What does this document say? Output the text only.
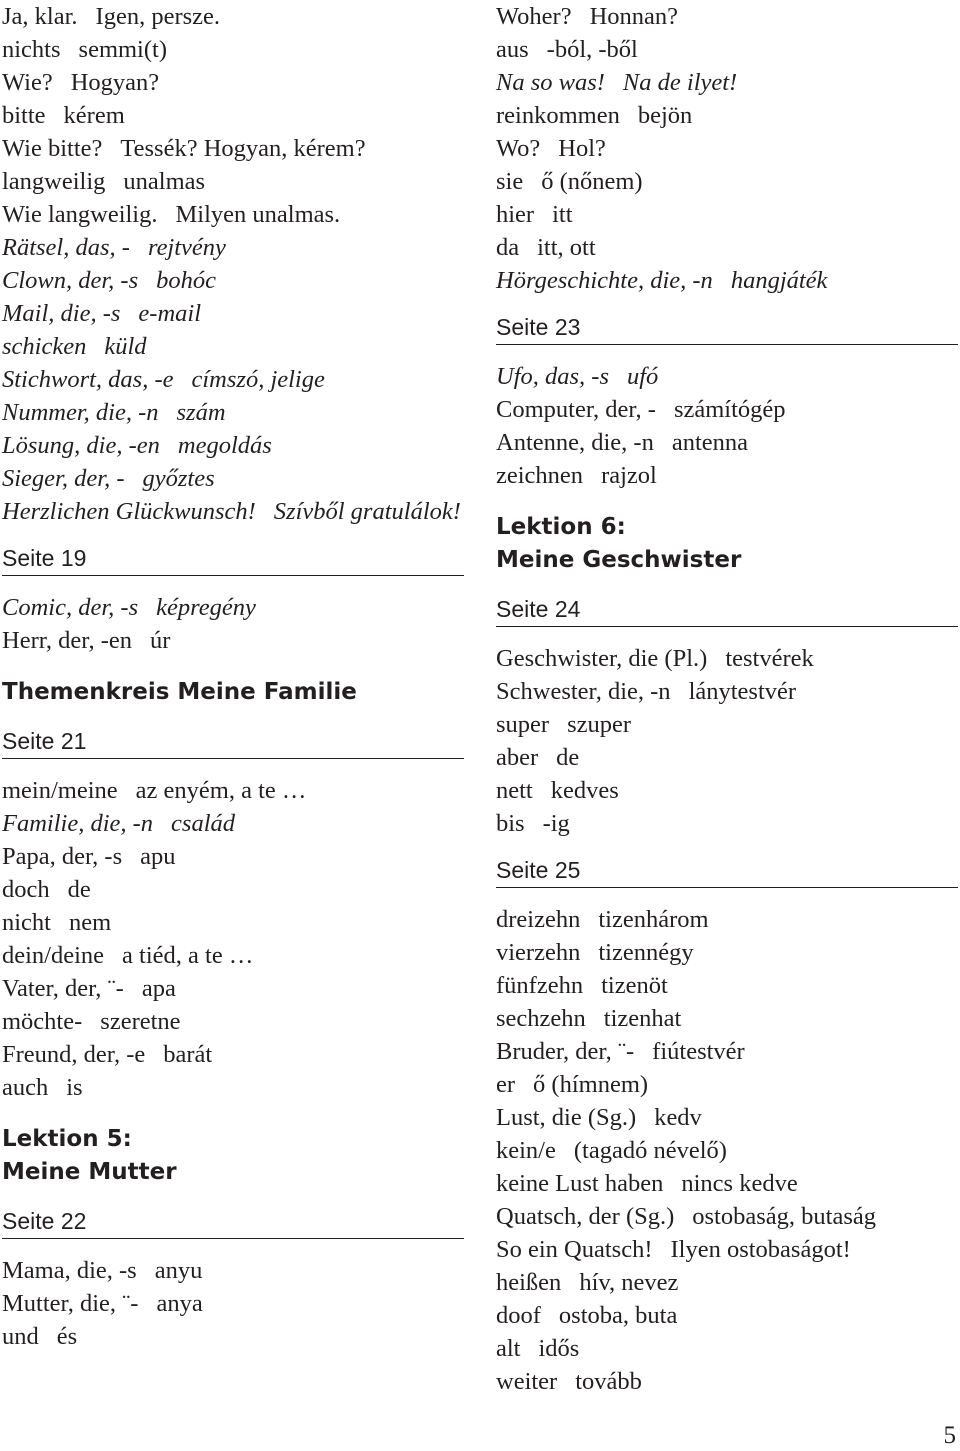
Ja, klar. Igen, persze.
nichts semmi(t)
Wie? Hogyan?
bitte kérem
Wie bitte? Tessék? Hogyan, kérem?
langweilig unalmas
Wie langweilig. Milyen unalmas.
Rätsel, das, - rejtvény
Clown, der, -s bohóc
Mail, die, -s e-mail
schicken küld
Stichwort, das, -e címszó, jelige
Nummer, die, -n szám
Lösung, die, -en megoldás
Sieger, der, - győztes
Herzlichen Glückwunsch! Szívből gratulálok!
Seite 19
Comic, der, -s képregény
Herr, der, -en úr
Themenkreis Meine Familie
Seite 21
mein/meine az enyém, a te …
Familie, die, -n család
Papa, der, -s apu
doch de
nicht nem
dein/deine a tiéd, a te …
Vater, der, ¨- apa
möchte- szeretne
Freund, der, -e barát
auch is
Lektion 5:
Meine Mutter
Seite 22
Mama, die, -s anyu
Mutter, die, ¨- anya
und és
Woher? Honnan?
aus -ból, -ből
Na so was! Na de ilyet!
reinkommen bejön
Wo? Hol?
sie ő (nőnem)
hier itt
da itt, ott
Hörgeschichte, die, -n hangjáték
Seite 23
Ufo, das, -s ufó
Computer, der, - számítógép
Antenne, die, -n antenna
zeichnen rajzol
Lektion 6:
Meine Geschwister
Seite 24
Geschwister, die (Pl.) testvérek
Schwester, die, -n lánytestvér
super szuper
aber de
nett kedves
bis -ig
Seite 25
dreizehn tizenhárom
vierzehn tizennégy
fünfzehn tizenöt
sechzehn tizenhat
Bruder, der, ¨- fiútestvér
er ő (hímnem)
Lust, die (Sg.) kedv
kein/e (tagadó névelő)
keine Lust haben nincs kedve
Quatsch, der (Sg.) ostobaság, butaság
So ein Quatsch! Ilyen ostobaságot!
heißen hív, nevez
doof ostoba, buta
alt idős
weiter tovább
5
